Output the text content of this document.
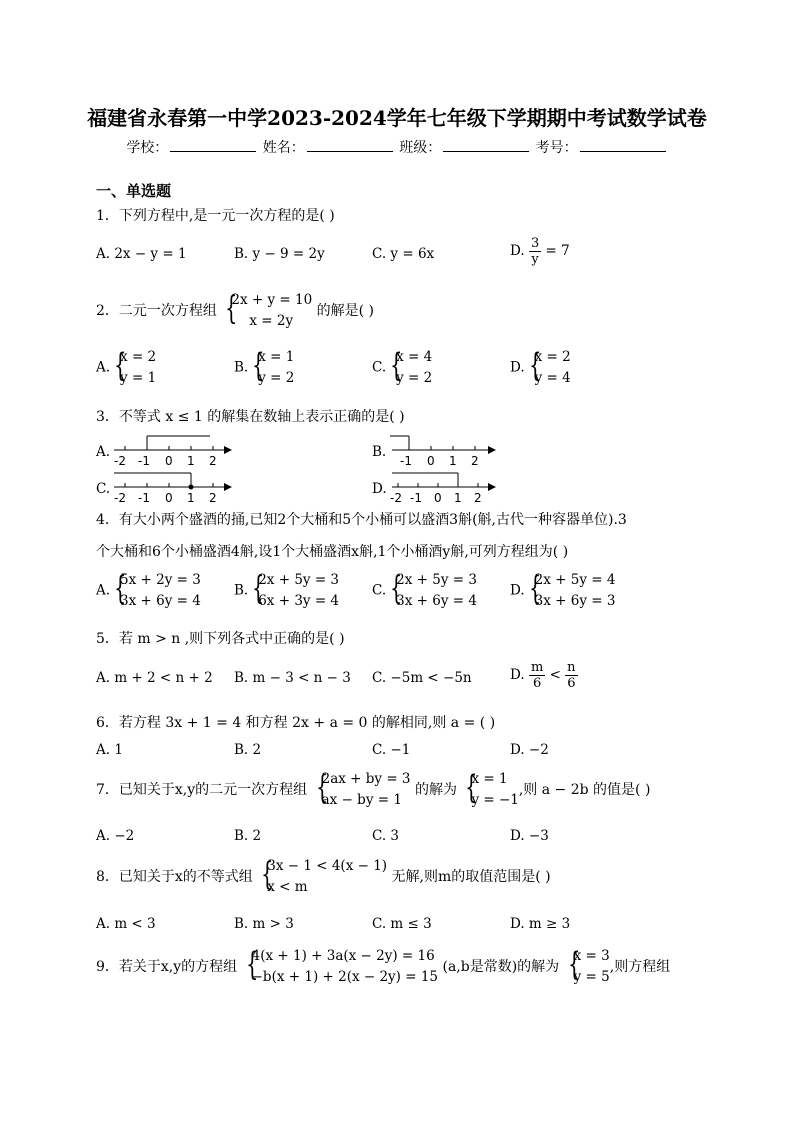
福建省永春第一中学2023-2024学年七年级下学期期中考试数学试卷
学校：	姓名：	班级：	考号：
一、单选题
1．下列方程中,是一元一次方程的是( )
A. 2x − y = 1	B. y − 9 = 2y	C. y = 6x	D. $\frac{3}{y} = 7$
2．二元一次方程组 {
2x + y = 10
x = 2y
的解是( )
A. {
x = 2
y = 1
B. {
x = 1
y = 2
C. {
x = 4
y = 2
D. {
x = 2
y = 4
3．不等式 x ≤ 1 的解集在数轴上表示正确的是( )
A.	B.
C.	D.
-2 -1 0 1 2	-1 0 1 2
-2 -1 0 1 2	-2 -1 0 1 2
4．有大小两个盛酒的捅,已知2个大桶和5个小桶可以盛酒3斛(斛,古代一种容器单位).3
个大桶和6个小桶盛酒4斛,设1个大桶盛酒x斛,1个小桶酒y斛,可列方程组为( )
A. {
5x + 2y = 3
3x + 6y = 4
B. {
2x + 5y = 3
6x + 3y = 4
C. {
2x + 5y = 3
3x + 6y = 4
D. {
2x + 5y = 4
3x + 6y = 3
5．若 m > n ,则下列各式中正确的是( )
A. m + 2 < n + 2 B. m − 3 < n − 3 C. −5m < −5n	D. $\frac{m}{6} < \frac{n}{6}$
6．若方程 3x + 1 = 4 和方程 2x + a = 0 的解相同,则 a = ( )
A. 1	B. 2	C. −1	D. −2
7．已知关于x,y的二元一次方程组 {
2ax + by = 3
ax − by = 1
的解为 {
x = 1
y = −1
,则 a − 2b 的值是( )
A. −2	B. 2	C. 3	D. −3
8．已知关于x的不等式组 {
3x − 1 < 4(x − 1)
x < m
无解,则m的取值范围是( )
A. m < 3	B. m > 3	C. m ≤ 3	D. m ≥ 3
9．若关于x,y的方程组 {
4(x + 1) + 3a(x − 2y) = 16
−b(x + 1) + 2(x − 2y) = 15
(a,b是常数)的解为 {
x = 3
y = 5
,则方程组
